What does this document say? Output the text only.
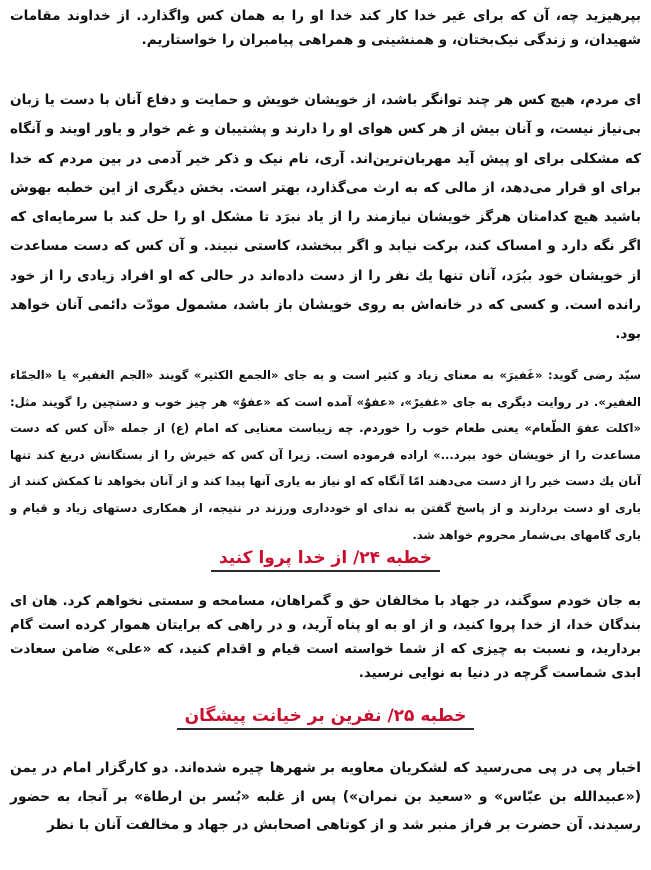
بپرهیزید چه، آن که برای غیر خدا کار کند خدا او را به همان کس واگذارد. از خداوند مقامات شهیدان، و زندگی نیک‌بختان، و همنشینی و همراهی پیامبران را خواستاریم.

ای مردم، هیچ کس هر چند توانگر باشد، از خویشان خویش و حمایت و دفاع آنان با دست یا زبان بی‌نیاز نیست، و آنان بیش از هر کس هوای او را دارند و پشتیبان و غم خوار و یاور اویند و آنگاه که مشکلی برای او پیش آید مهربان‌ترین‌اند. آری، نام نیک و ذکر خیر آدمی در بین مردم که خدا برای او قرار می‌دهد، از مالی که به ارث می‌گذارد، بهتر است. بخش دیگری از این خطبه بهوش باشید هیچ کدامتان هرگز خویشان نیازمند را از یاد نبرَد تا مشکل او را حل کند با سرمایه‌ای که اگر نگه دارد و امساک کند، برکت نیابد و اگر ببخشد، کاستی نبیند. و آن کس که دست مساعدت از خویشان خود ببُرَد، آنان تنها یك نفر را از دست داده‌اند در حالی که او افراد زیادی را از خود رانده است. و کسی که در خانه‌اش به روی خویشان باز باشد، مشمول مودّت دائمی آنان خواهد بود.

سیّد رضی گوید: «غَفیرَ» به معنای زیاد و کثیر است و به جای «الجمع الکثیر» گویند «الجم الغفیر» یا «الجمّاء الغفیر». در روایت دیگری به جای «غفیرً»، «عفوٌ» آمده است که «عفوٌ» هر چیز خوب و دستچین را گویند مثل: «اکلت عفوَ الطّعام» یعنی طعام خوب را خوردم. چه زیباست معنایی که امام (ع) از جمله «آن کس که دست مساعدت را از خویشان خود ببرد...» اراده فرموده است. زیرا آن کس که خیرش را از بستگانش دریغ کند تنها آنان یك دست خیر را از دست می‌دهند امّا آنگاه که او نیاز به یاری آنها پیدا کند و از آنان بخواهد تا کمکش کنند از یاری او دست بردارند و از پاسخ گفتن به ندای او خودداری ورزند در نتیجه، از همکاری دستهای زیاد و قیام و یاری گامهای بی‌شمار محروم خواهد شد.

خطبه ۲۴/ از خدا پروا کنید

به جان خودم سوگند، در جهاد با مخالفان حق و گمراهان، مسامحه و سستی نخواهم کرد. هان ای بندگان خدا، از خدا پروا کنید، و از او به او پناه آرید، و در راهی که برایتان هموار کرده است گام بردارید، و نسبت به چیزی که از شما خواسته است قیام و اقدام کنید، که «علی» ضامن سعادت ابدی شماست گرچه در دنیا به نوایی نرسید.

خطبه ۲۵/ نفرین بر خیانت پیشگان

اخبار پی در پی می‌رسید که لشکریان معاویه بر شهرها چیره شده‌اند. دو کارگزار امام در یمن («عبیدالله بن عبّاس» و «سعید بن نمران») پس از غلبه «بُسر بن ارطاة» بر آنجا، به حضور رسیدند. آن حضرت بر فراز منبر شد و از کوتاهی اصحابش در جهاد و مخالفت آنان با نظر
